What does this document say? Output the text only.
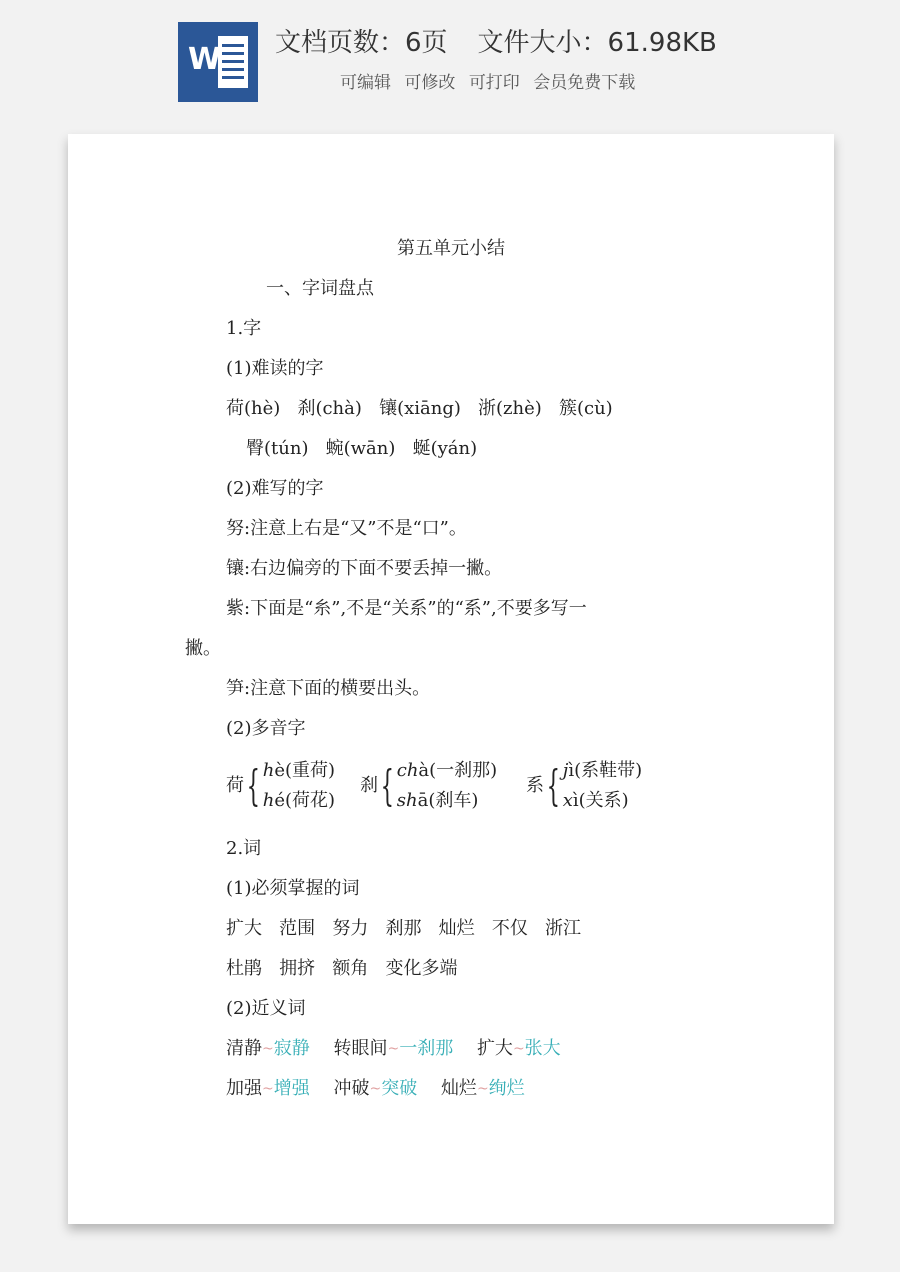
W 文档页数：6页 文件大小：61.98KB
可编辑 可修改 可打印 会员免费下载
第五单元小结
一、字词盘点
1.字
(1)难读的字
荷(hè)   刹(chà)   镶(xiāng)   浙(zhè)   簇(cù)
臀(tún)   蜿(wān)   蜒(yán)
(2)难写的字
努:注意上右是“又”不是“口”。
镶:右边偏旁的下面不要丢掉一撇。
紫:下面是“糸”,不是“关系”的“系”,不要多写一
撇。
笋:注意下面的横要出头。
(2)多音字
荷{ hè(重荷)
hé(荷花)
刹{ chà(一刹那)
shā(刹车)
系{ jì(系鞋带)
xì(关系)
2.词
(1)必须掌握的词
扩大   范围   努力   刹那   灿烂   不仅   浙江
杜鹃   拥挤   额角   变化多端
(2)近义词
清静~寂静 转眼间~一刹那 扩大~张大
加强~增强 冲破~突破 灿烂~绚烂
